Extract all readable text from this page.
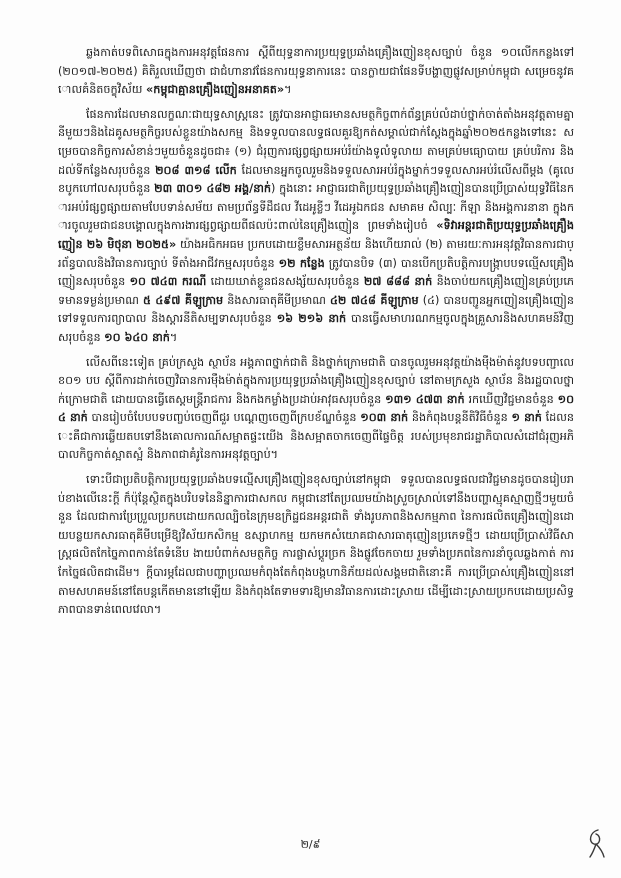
ឆ្លងកាត់បទពិសោធក្នុងការអនុវត្តផែនការ ស្តីពីយុទ្ធនាការប្រយុទ្ធប្រឆាំងគ្រឿងញៀនខុសច្បាប់ ចំនួន ១០លើកកន្លងទៅ (២០១៧-២០២៥) គិតិរួលឃើញថា ជាជំហានាវផែនការយុទ្ធនាការនេះ បានក្លាយជាផែនទីបង្ហាញផ្លូវសម្រាប់កម្ពុជា សម្រេចនូវគោលគំនិតចក្ខុវិស័យ «កម្ពុជាគ្មានគ្រឿងញៀនអនាគត»។

ផែនការដែលមានលក្ខណៈជាយុទ្ធសាស្ត្រនេះ ត្រូវបានអាជ្ញាធរមានសមត្ថកិច្ចពាក់ព័ន្ធគ្រប់លំដាប់ថ្នាក់ចាត់តាំងអនុវត្តតាមគ្នានីមួយៗនិងដៃគូសមត្ថកិច្ចរបស់ខ្លួនយ៉ាងសកម្ម និងទទួលបានលទ្ធផលគួរឱ្យកត់សម្គាល់ជាក់ស្តែងក្នុងឆ្នាំ២០២៥កន្លងទៅនេះ សម្រេចបានកិច្ចការសំខាន់ៗមួយចំនួនដូចជា៖ (១) ជំរុញការផ្សព្វផ្សាយអប់រំយ៉ាងទូលំទូលាយ តាមគ្រប់មធ្យោបាយ គ្រប់បរិការ និងដល់ទីកន្លែងសរុបចំនួន ២០៨ ៣១៨ លើក ដែលមានអ្នកចូលរួមនិងទទួលសារអប់រំក្នុងម្នាក់ៗទទួលសារអប់រំលើសពីម្តង (គូលេខបូកហៅលសរុបចំនួន ២៣ ៣០១ ៤៨២ អង្គ/នាក់) ក្នុងនោះ អាជ្ញាធរជាតិប្រយុទ្ធប្រឆាំងគ្រឿងញៀនបានប្រើប្រាស់យុទ្ធវិធីនៃការអប់រំផ្សព្វផ្សាយតាមបែបទាន់សម័យ តាមប្រព័ន្ធទីដឹជល វីដេអូខ្លីៗ វីដេអូឯកជន សមាគម សិល្បៈ កីឡា និងអង្គការនានា ក្នុងការចូលរួមជាជនបង្គោលក្នុងការងារផ្សព្វផ្សាយពីផលប៉ះពាល់នៃគ្រឿងញៀន ព្រមទាំងរៀបចំ «ទិវាអន្តរជាតិប្រយុទ្ធប្រឆាំងគ្រឿងញៀន ២៦ មិថុនា ២០២៥» យ៉ាងអធិកអធម ប្រកបដោយខ្លឹមសារអត្ថន័យ និងហើយរាល់ (២) តាមរយៈការអនុវត្តវិធានការជាប្រព័ន្ធបាលនិងវិធានការច្បាប់ ទីតាំងអាជីវកម្មសរុបចំនួន ១២ កន្លែង ត្រូវបានបិទ (៣) បានបើកប្រតិបត្តិការបង្ក្រាបបទល្មើសគ្រឿងញៀនសរុបចំនួន ១០ ៧៤៣ ករណី ដោយឃាត់ខ្លួនជនសង្ស័យសរុបចំនួន ២៧ ៨៨៨ នាក់ និងចាប់យកគ្រឿងញៀនគ្រប់ប្រភេទមានទម្ងន់ប្រមាណ ៥ ៤៩៧ គីឡូក្រាម និងសារធាតុគីមីប្រមាណ ៤២ ៧៤៨ គីឡូក្រាម (៤) បានបញ្ជូនអ្នកញៀនគ្រឿងញៀនទៅទទួលការព្យាបាល និងស្តារនីតិសម្បទាសរុបចំនួន ១៦ ២១៦ នាក់ បានធ្វើសមាហរណកម្មចូលក្នុងគ្រួសារនិងសហគមន៍វិញ សរុបចំនួន ១០ ៦៤០ នាក់។

លើសពីនេះទៀត គ្រប់ក្រសួង ស្ថាប័ន អង្គភាពថ្នាក់ជាតិ និងថ្នាក់ក្រោមជាតិ បានចូលរួមអនុវត្តយ៉ាងម៉ឺងម៉ាត់នូវបទបញ្ជាលេខ០១ បប ស្តីពីការដាក់ចេញវិធានការម៉ឺងម៉ាត់ក្នុងការប្រយុទ្ធប្រឆាំងគ្រឿងញៀនខុសច្បាប់ នៅតាមក្រសួង ស្ថាប័ន និងរដ្ឋបាលថ្នាក់ក្រោមជាតិ ដោយបានធ្វើតេស្តមន្ត្រីរាជការ និងកងកម្លាំងប្រដាប់អាវុធសរុបចំនួន ១៣១ ៤៧៣ នាក់ រកឃើញវិជ្ជមានចំនួន ១០៤ នាក់ បានរៀបចំបែបបទបញ្ចប់ចេញពីជួរ បណ្តេញចេញពីក្របខ័ណ្ឌចំនួន ១០៣ នាក់ និងកំពុងបន្តនីតិវិធីចំនួន ១ នាក់ ដែលនេះគឺជាការឆ្លើយតបទៅនឹងគោលការណ៍សម្អាតផ្ទះយើង និងសម្អាតចាកចេញពីផ្ទៃចិត្ត របស់ប្រមុខរាជរដ្ឋាភិបាលសំដៅជំរុញអភិបាលកិច្ចកាត់ស្អាតស្អំ និងភាពជាគំរូនៃការអនុវត្តច្បាប់។

ទោះបីជាប្រតិបត្តិការប្រយុទ្ធប្រឆាំងបទល្មើសគ្រឿងញៀនខុសច្បាប់នៅកម្ពុជា ទទួលបានលទ្ធផលជាវិជ្ជមានដូចបានរៀបរាប់ខាងលើនេះក្តី ក៏ប៉ុន្តែស្ថិតក្នុងបរិបទនៃនិន្នាការជាសកល កម្ពុជានៅតែប្រឈមយ៉ាងស្រួចស្រាល់ទៅនឹងបញ្ហាស្មុគស្មាញថ្មីៗមួយចំនួន ដែលជាការប្រែប្រួលប្រកបដោយកលល្បិចនៃក្រុមឧក្រិដ្ឋជនអន្តរជាតិ ទាំងរូបភាពនិងសកម្មភាព នៃការផលិតគ្រឿងញៀនដោយបន្លយកសារធាតុគីមីបម្រើឱ្យវិស័យកសិកម្ម ឧស្សាហកម្ម យកមកសំយោគជាសារធាតុញៀនប្រភេទថ្មីៗ ដោយប្រើប្រាស់វិធីសាស្ត្រផលិតកែច្នៃភាពកាន់តែទំនើប ងាយបំពាក់សមត្ថកិច្ច ការផ្លាស់ប្តូរច្រក និងផ្លូវចែកចាយ រួមទាំងប្រភពនៃការនាំចូលឆ្លងកាត់ ការកែច្នៃផលិតជាដើម។ ក្តីបារម្ភដែលជាបញ្ហាប្រឈមកំពុងតែកំពុងបង្កហានិភ័យដល់សង្គមជាតិនោះគឺ ការប្រើប្រាស់គ្រឿងញៀននៅតាមសហគមន៍នៅតែបន្តកើតមាននៅឡើយ និងកំពុងតែទាមទារឱ្យមានវិធានការដោះស្រាយ ដើម្បីដោះស្រាយប្រកបដោយប្រសិទ្ធភាពបានទាន់ពេលវេលា។

២/៩
